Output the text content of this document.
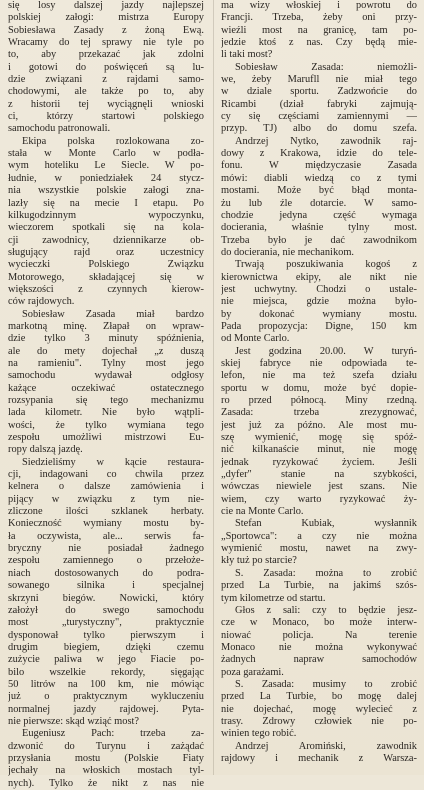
się losy dalszej jazdy najlepszej
polskiej załogi: mistrza Europy
Sobiesława Zasady z żoną Ewą.
Wracamy do tej sprawy nie tyle po
to, aby przekazać jak zdolni
i gotowi do poświęceń są lu-
dzie związani z rajdami samo-
chodowymi, ale także po to, aby
z historii tej wyciągnęli wnioski
ci, którzy startowi polskiego
samochodu patronowali.
Ekipa polska rozlokowana zo-
stała w Monte Carlo w podła-
wym hoteliku Le Siecle. W po-
łudnie, w poniedziałek 24 stycz-
nia wszystkie polskie załogi zna-
lazły się na mecie I etapu. Po
kilkugodzinnym wypoczynku,
wieczorem spotkali się na kola-
cji zawodnicy, dziennikarze ob-
sługujący rajd oraz uczestnicy
wycieczki Polskiego Związku
Motorowego, składającej się w
większości z czynnych kierow-
ców rajdowych.
Sobiesław Zasada miał bardzo
markotną minę. Złapał on wpraw-
dzie tylko 3 minuty spóźnienia,
ale do mety dojechał „z duszą
na ramieniu". Tylny most jego
samochodu wydawał odgłosy
każące oczekiwać ostatecznego
rozsypania się tego mechanizmu
lada kilometr. Nie było wątpli-
wości, że tylko wymiana tego
zespołu umożliwi mistrzowi Eu-
ropy dalszą jazdę.
Siedzieliśmy w kącie restaura-
cji, indagowani co chwila przez
kelnera o dalsze zamówienia i
pijący w związku z tym nie-
zliczone ilości szklanek herbaty.
Konieczność wymiany mostu by-
ła oczywista, ale... serwis fa-
bryczny nie posiadał żadnego
zespołu zamiennego o przełoże-
niach dostosowanych do podra-
sowanego silnika i specjalnej
skrzyni biegów. Nowicki, który
założył do swego samochodu
most „turystyczny", praktycznie
dysponował tylko pierwszym i
drugim biegiem, dzięki czemu
zużycie paliwa w jego Fiacie po-
bilo wszelkie rekordy, sięgając
50 litrów na 100 km, nie mówiąc
już o praktycznym wykluczeniu
normalnej jazdy rajdowej. Pyta-
nie pierwsze: skąd wziąć most?
Eugeniusz Pach: trzeba za-
dzwonić do Turynu i zażądać
przysłania mostu (Polskie Fiaty
jechały na włoskich mostach tyl-
nych). Tylko że nikt z nas nie
ma wizy włoskiej i powrotu do
Francji. Trzeba, żeby oni przy-
wieźli most na granicę, tam po-
jedzie ktoś z nas. Czy będą mie-
li taki most?
Sobiesław Zasada: niemożli-
we, żeby Marufll nie miał tego
w dziale sportu. Zadzwońcie do
Ricambi (dział fabryki zajmują-
cy się częściami zamiennymi —
przyp. TJ) albo do domu szefa.
Andrzej Nytko, zawodnik raj-
dowy z Krakowa, idzie do tele-
fonu. W międzyczasie Zasada
mówi: diabli wiedzą co z tymi
mostami. Może być błąd monta-
żu lub źle dotarcie. W samo-
chodzie jedyna część wymaga
docierania, właśnie tylny most.
Trzeba było je dać zawodnikom
do docierania, nie mechanikom.
Trwają poszukiwania kogoś z
kierownictwa ekipy, ale nikt nie
jest uchwytny. Chodzi o ustale-
nie miejsca, gdzie można było-
by dokonać wymiany mostu.
Pada propozycja: Digne, 150 km
od Monte Carlo.
Jest godzina 20.00. W turyń-
skiej fabryce nie odpowiada te-
lefon, nie ma też szefa działu
sportu w domu, może być dopie-
ro przed północą. Miny rzedną.
Zasada: trzeba zrezygnować,
jest już za późno. Ale most mu-
szę wymienić, mogę się spóź-
nić kilkanaście minut, nie mogę
jednak ryzykować życiem. Jeśli
„dyfer" stanie na szybkości,
wówczas niewiele jest szans. Nie
wiem, czy warto ryzykować ży-
cie na Monte Carlo.
Stefan Kubiak, wysłannik
„Sportowca": a czy nie można
wymienić mostu, nawet na zwy-
kły tuż po starcie?
S. Zasada: można to zrobić
przed La Turbie, na jakimś szós-
tym kilometrze od startu.
Głos z sali: czy to będzie jesz-
cze w Monaco, bo może interw-
niować policja. Na terenie
Monaco nie można wykonywać
żadnych napraw samochodów
poza garażami.
S. Zasada: musimy to zrobić
przed La Turbie, bo mogę dalej
nie dojechać, mogę wylecieć z
trasy. Zdrowy człowiek nie po-
winien tego robić.
Andrzej Aromiński, zawodnik
rajdowy i mechanik z Warsza-
